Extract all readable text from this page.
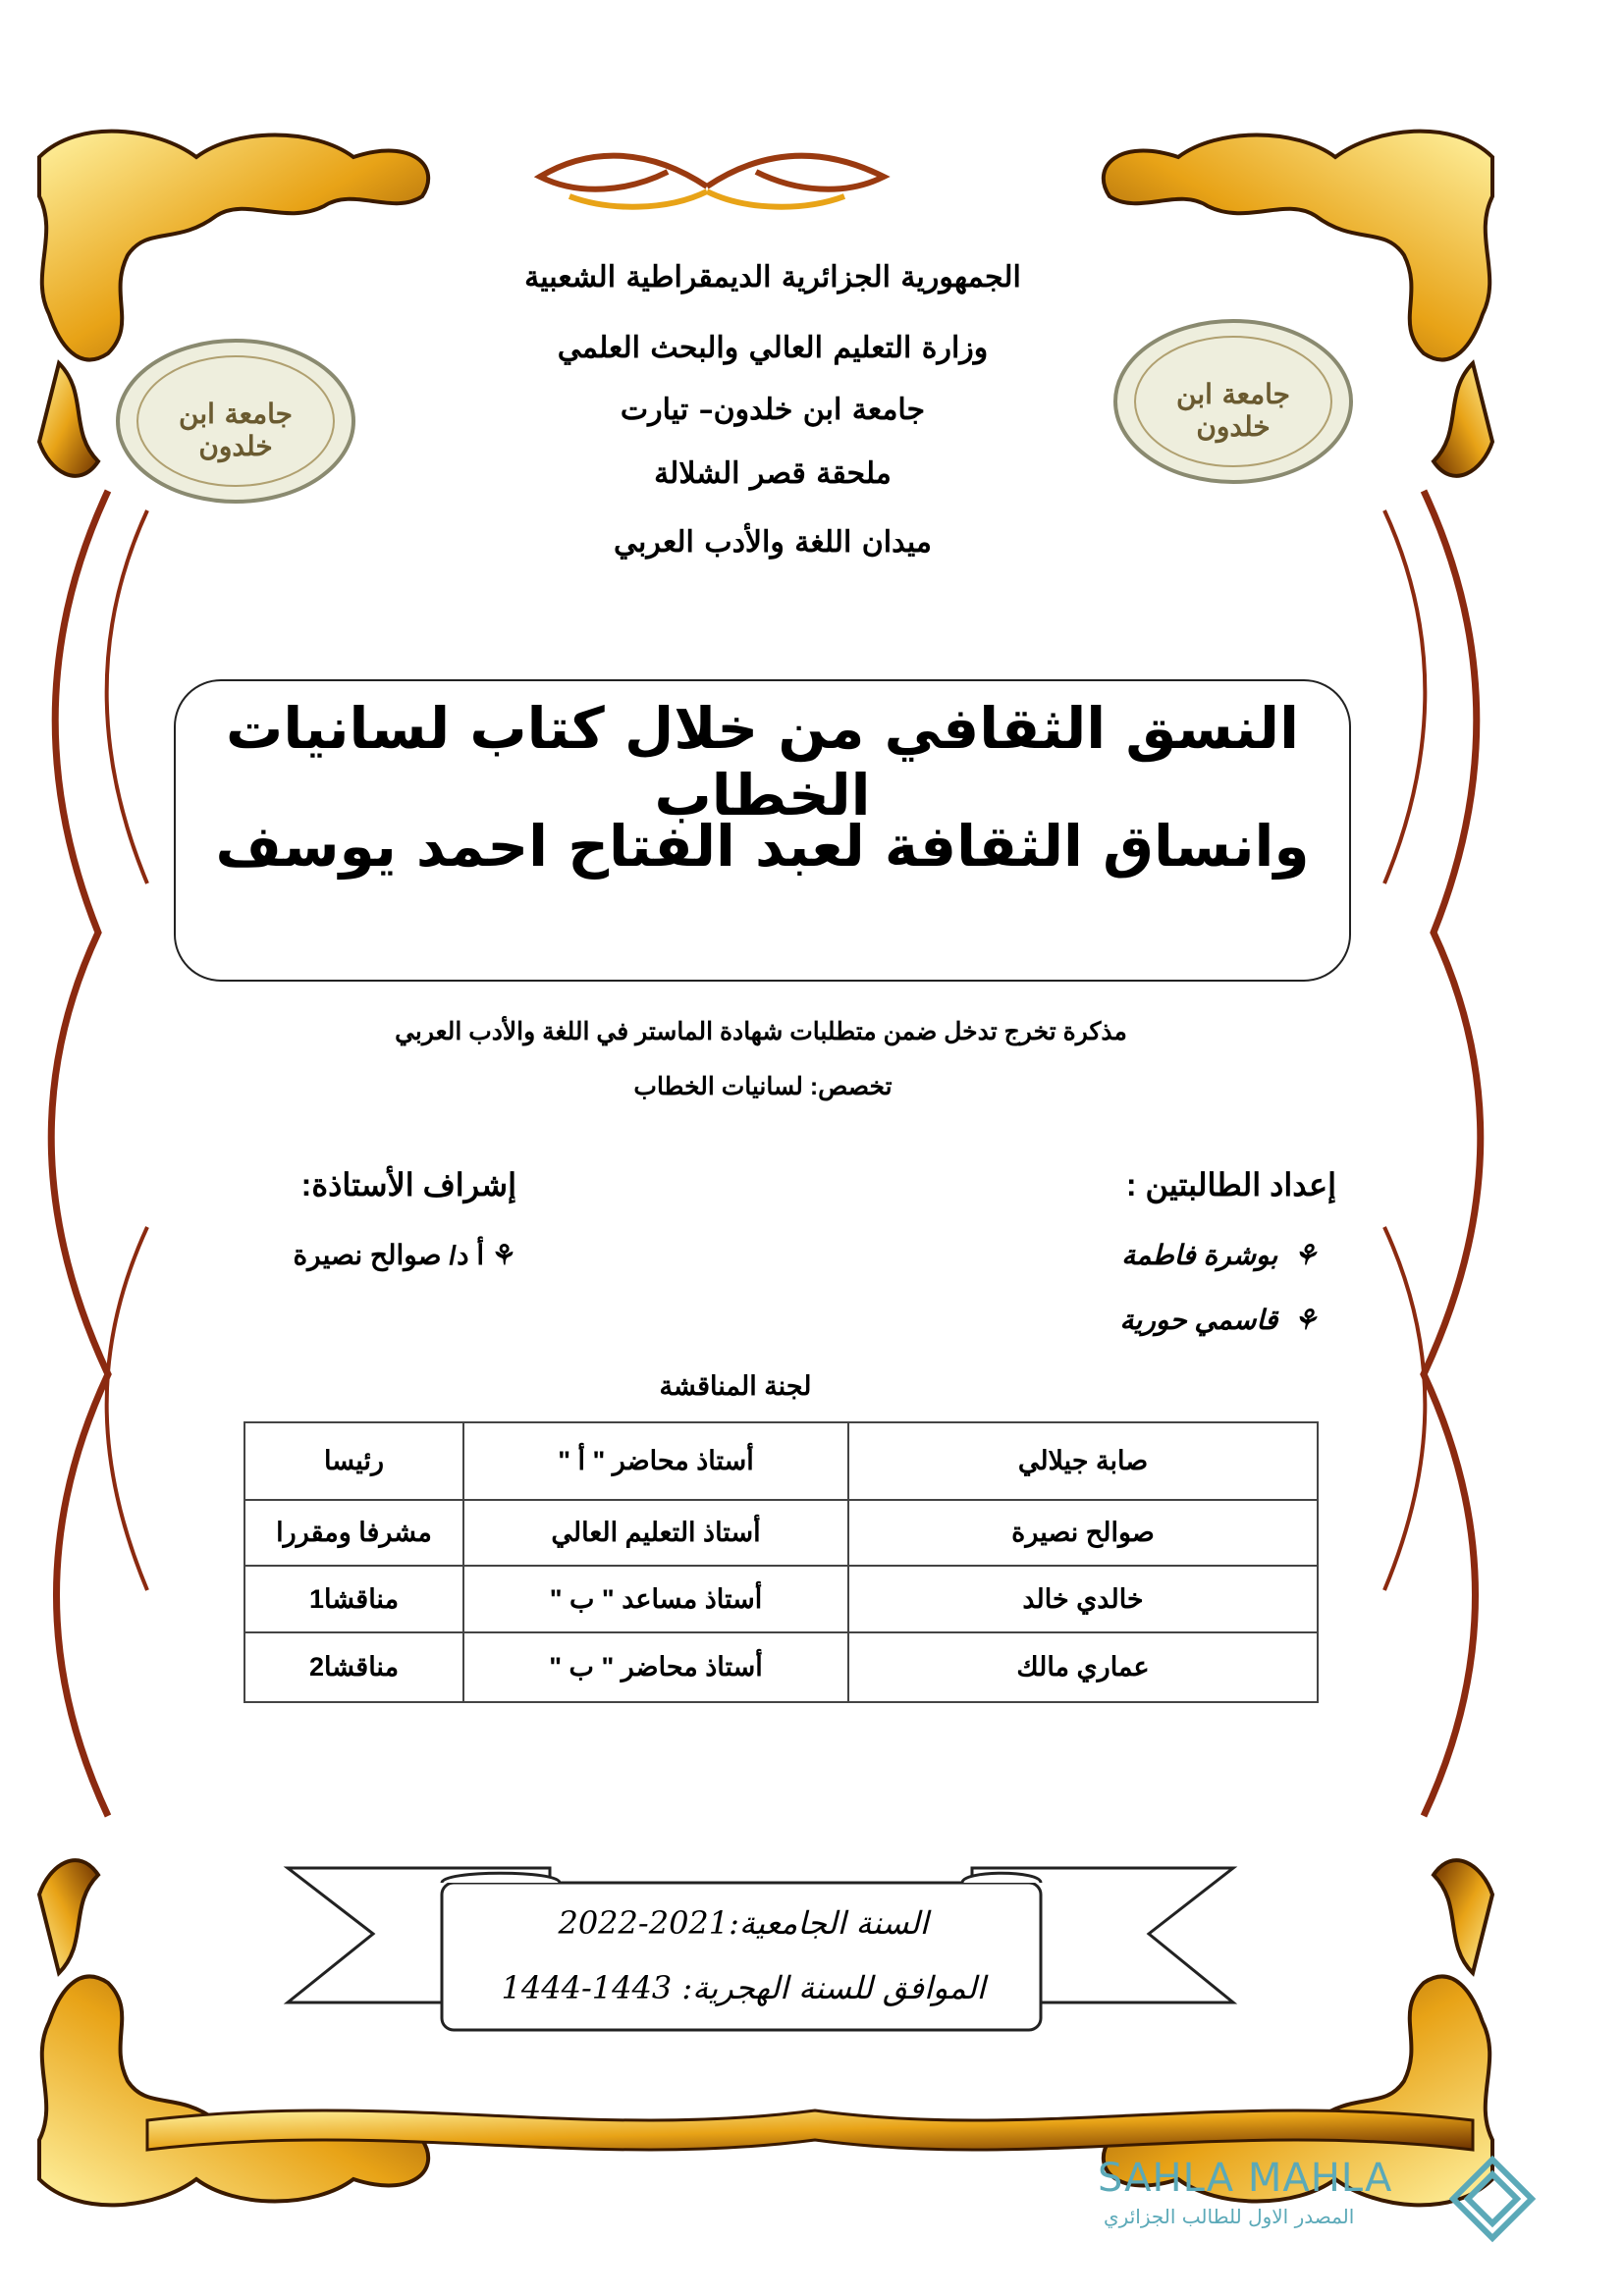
جامعة ابن خلدون
جامعة ابن خلدون
الجمهورية الجزائرية الديمقراطية الشعبية
وزارة التعليم العالي والبحث العلمي
جامعة ابن خلدون– تيارت
ملحقة قصر الشلالة
ميدان اللغة والأدب العربي
النسق الثقافي من خلال كتاب لسانيات الخطاب
وانساق الثقافة لعبد الفتاح احمد يوسف
مذكرة تخرج تدخل ضمن متطلبات شهادة الماستر في اللغة والأدب العربي
تخصص: لسانيات الخطاب
إعداد الطالبتين :
إشراف الأستاذة:
⚘  بوشرة فاطمة
⚘  قاسمي حورية
⚘ أ د/ صوالح نصيرة
لجنة المناقشة
صابة جيلالي	أستاذ محاضر " أ "	رئيسا
صوالح نصيرة	أستاذ التعليم العالي	مشرفا ومقررا
خالدي خالد	أستاذ مساعد " ب "	مناقشا1
عماري مالك	أستاذ محاضر " ب "	مناقشا2
السنة الجامعية:2021-2022
الموافق للسنة الهجرية: 1443-1444
SAHLA MAHLA
المصدر الاول للطالب الجزائري
